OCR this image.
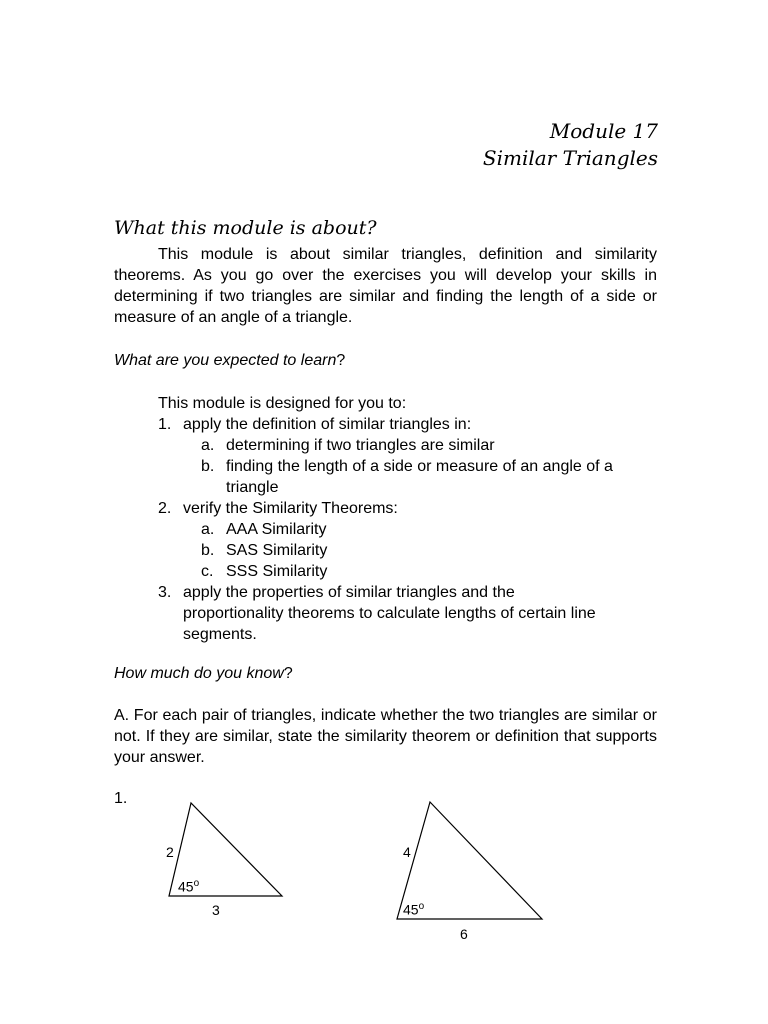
Module 17
Similar Triangles
What this module is about?
This module is about similar triangles, definition and similarity theorems. As you go over the exercises you will develop your skills in determining if two triangles are similar and finding the length of a side or measure of an angle of a triangle.
What are you expected to learn?
This module is designed for you to:
1. apply the definition of similar triangles in:
a. determining if two triangles are similar
b. finding the length of a side or measure of an angle of a
triangle
2. verify the Similarity Theorems:
a. AAA Similarity
b. SAS Similarity
c. SSS Similarity
3. apply the properties of similar triangles and the
proportionality theorems to calculate lengths of certain line
segments.
How much do you know?
A. For each pair of triangles, indicate whether the two triangles are similar or not. If they are similar, state the similarity theorem or definition that supports your answer.
1.
2
45$^o$
3
4
45$^o$
6
